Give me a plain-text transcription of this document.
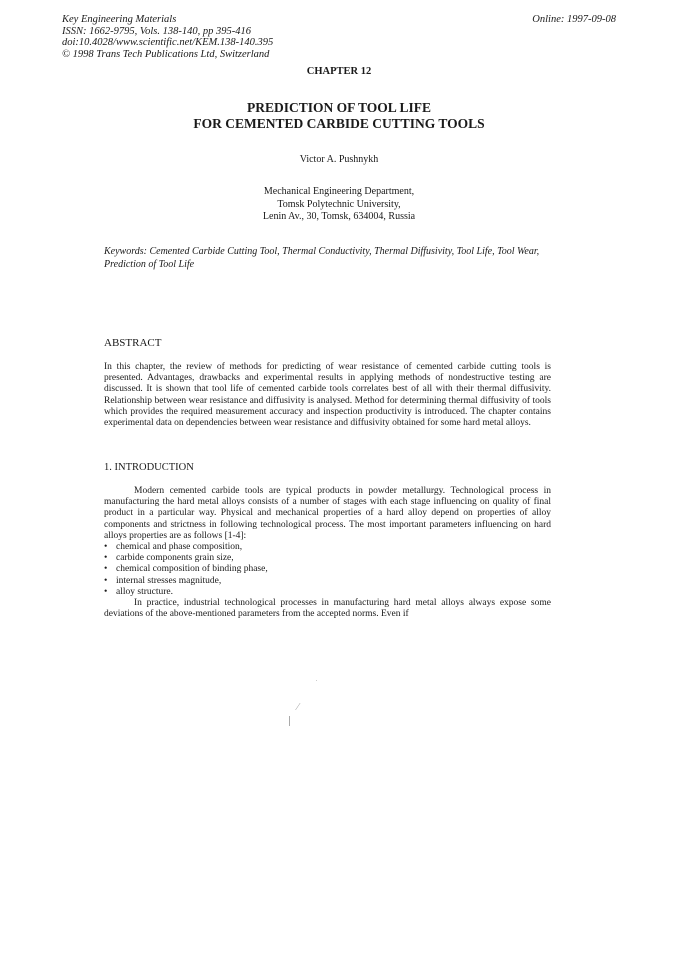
Key Engineering Materials
ISSN: 1662-9795, Vols. 138-140, pp 395-416
doi:10.4028/www.scientific.net/KEM.138-140.395
© 1998 Trans Tech Publications Ltd, Switzerland
Online: 1997-09-08
CHAPTER 12
PREDICTION OF TOOL LIFE
FOR CEMENTED CARBIDE CUTTING TOOLS
Victor A. Pushnykh
Mechanical Engineering Department,
Tomsk Polytechnic University,
Lenin Av., 30, Tomsk, 634004, Russia
Keywords: Cemented Carbide Cutting Tool, Thermal Conductivity, Thermal Diffusivity, Tool Life, Tool Wear, Prediction of Tool Life
ABSTRACT
In this chapter, the review of methods for predicting of wear resistance of cemented carbide cutting tools is presented. Advantages, drawbacks and experimental results in applying methods of nondestructive testing are discussed. It is shown that tool life of cemented carbide tools correlates best of all with their thermal diffusivity. Relationship between wear resistance and diffusivity is analysed. Method for determining thermal diffusivity of tools which provides the required measurement accuracy and inspection productivity is introduced. The chapter contains experimental data on dependencies between wear resistance and diffusivity obtained for some hard metal alloys.
1. INTRODUCTION
Modern cemented carbide tools are typical products in powder metallurgy. Technological process in manufacturing the hard metal alloys consists of a number of stages with each stage influencing on quality of final product in a particular way. Physical and mechanical properties of a hard alloy depend on properties of alloy components and strictness in following technological process. The most important parameters influencing on hard alloys properties are as follows [1-4]:
• chemical and phase composition,
• carbide components grain size,
• chemical composition of binding phase,
• internal stresses magnitude,
• alloy structure.
In practice, industrial technological processes in manufacturing hard metal alloys always expose some deviations of the above-mentioned parameters from the accepted norms. Even if
⁄
